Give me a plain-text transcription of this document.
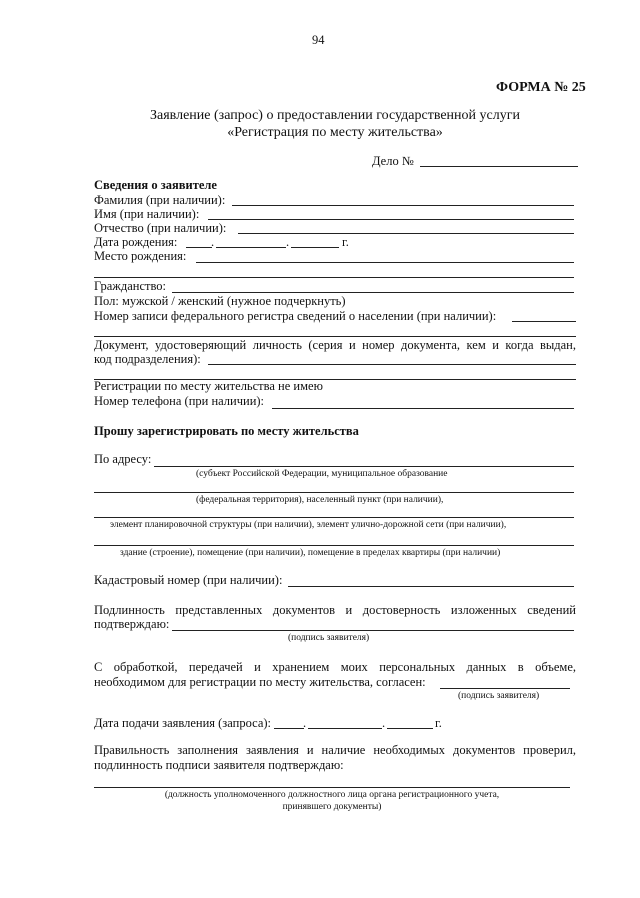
94
ФОРМА № 25
Заявление (запрос) о предоставлении государственной услуги
«Регистрация по месту жительства»
Дело №
Сведения о заявителе
Фамилия (при наличии):
Имя (при наличии):
Отчество (при наличии):
Дата рождения:	.	.	г.
Место рождения:
Гражданство:
Пол: мужской / женский (нужное подчеркнуть)
Номер записи федерального регистра сведений о населении (при наличии):
Документ, удостоверяющий личность (серия и номер документа, кем и когда выдан,
код подразделения):
Регистрации по месту жительства не имею
Номер телефона (при наличии):
Прошу зарегистрировать по месту жительства
По адресу:
(субъект Российской Федерации, муниципальное образование
(федеральная территория), населенный пункт (при наличии),
элемент планировочной структуры (при наличии), элемент улично-дорожной сети (при наличии),
здание (строение), помещение (при наличии), помещение в пределах квартиры (при наличии)
Кадастровый номер (при наличии):
Подлинность представленных документов и достоверность изложенных сведений
подтверждаю:
(подпись заявителя)
С обработкой, передачей и хранением моих персональных данных в объеме,
необходимом для регистрации по месту жительства, согласен:
(подпись заявителя)
Дата подачи заявления (запроса):	.	.	г.
Правильность заполнения заявления и наличие необходимых документов проверил,
подлинность подписи заявителя подтверждаю:
(должность уполномоченного должностного лица органа регистрационного учета,
принявшего документы)
